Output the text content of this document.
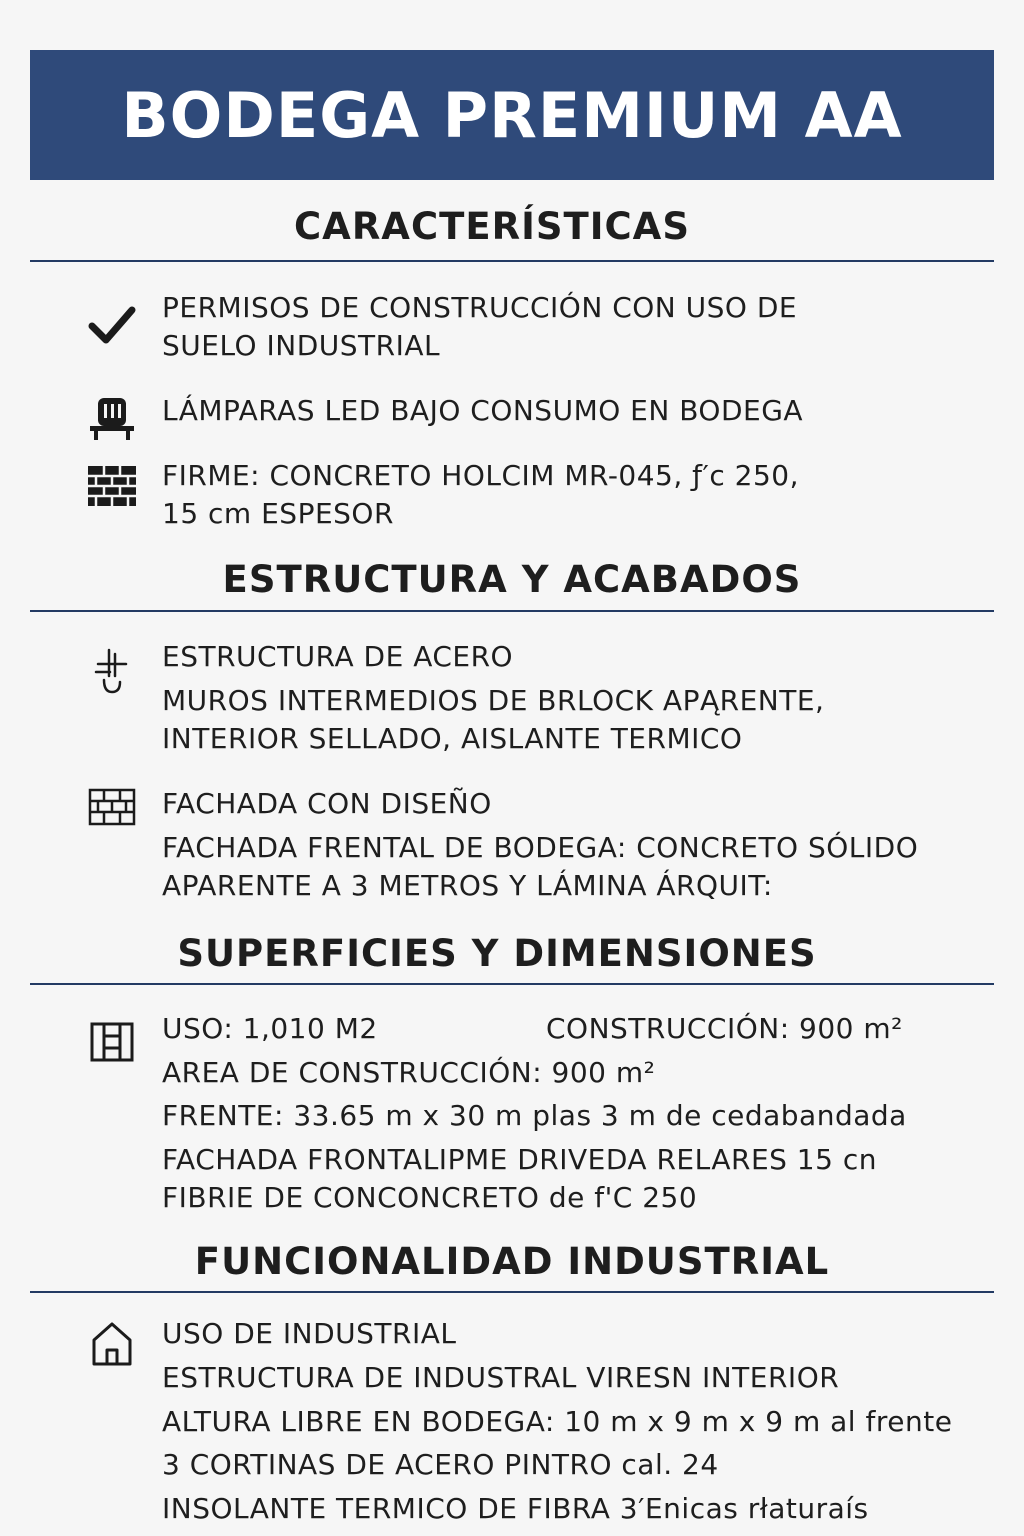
BODEGA PREMIUM AA
CARACTERÍSTICAS
PERMISOS DE CONSTRUCCIÓN CON USO DE
SUELO INDUSTRIAL
LÁMPARAS LED BAJO CONSUMO EN BODEGA
FIRME: CONCRETO HOLCIM MR-045, ƒ′c 250,
15 cm ESPESOR
ESTRUCTURA Y ACABADOS
ESTRUCTURA DE ACERO
MUROS INTERMEDIOS DE BRLOCK APĄRENTE,
INTERIOR SELLADO, AISLANTE TERMICO
FACHADA CON DISEÑO
FACHADA FRENTAL DE BODEGA: CONCRETO SÓLIDO
APARENTE A 3 METROS Y LÁMINA ÁRQUIT:
SUPERFICIES Y DIMENSIONES
USO: 1,010 M2	CONSTRUCCIÓN: 900 m²
AREA DE CONSTRUCCIÓN: 900 m²
FRENTE: 33.65 m x 30 m plas 3 m de cedabandada
FACHADA FRONTALIPME DRIVEDA RELARES 15 cn
FIBRIE DE CONCONCRETO de f'C 250
FUNCIONALIDAD INDUSTRIAL
USO DE INDUSTRIAL
ESTRUCTURA DE INDUSTRAL VIRESN INTERIOR
ALTURA LIBRE EN BODEGA: 10 m x 9 m x 9 m al frente
3 CORTINAS DE ACERO PINTRO cal. 24
INSOLANTE TERMICO DE FIBRA 3′Enicas rłaturaís
